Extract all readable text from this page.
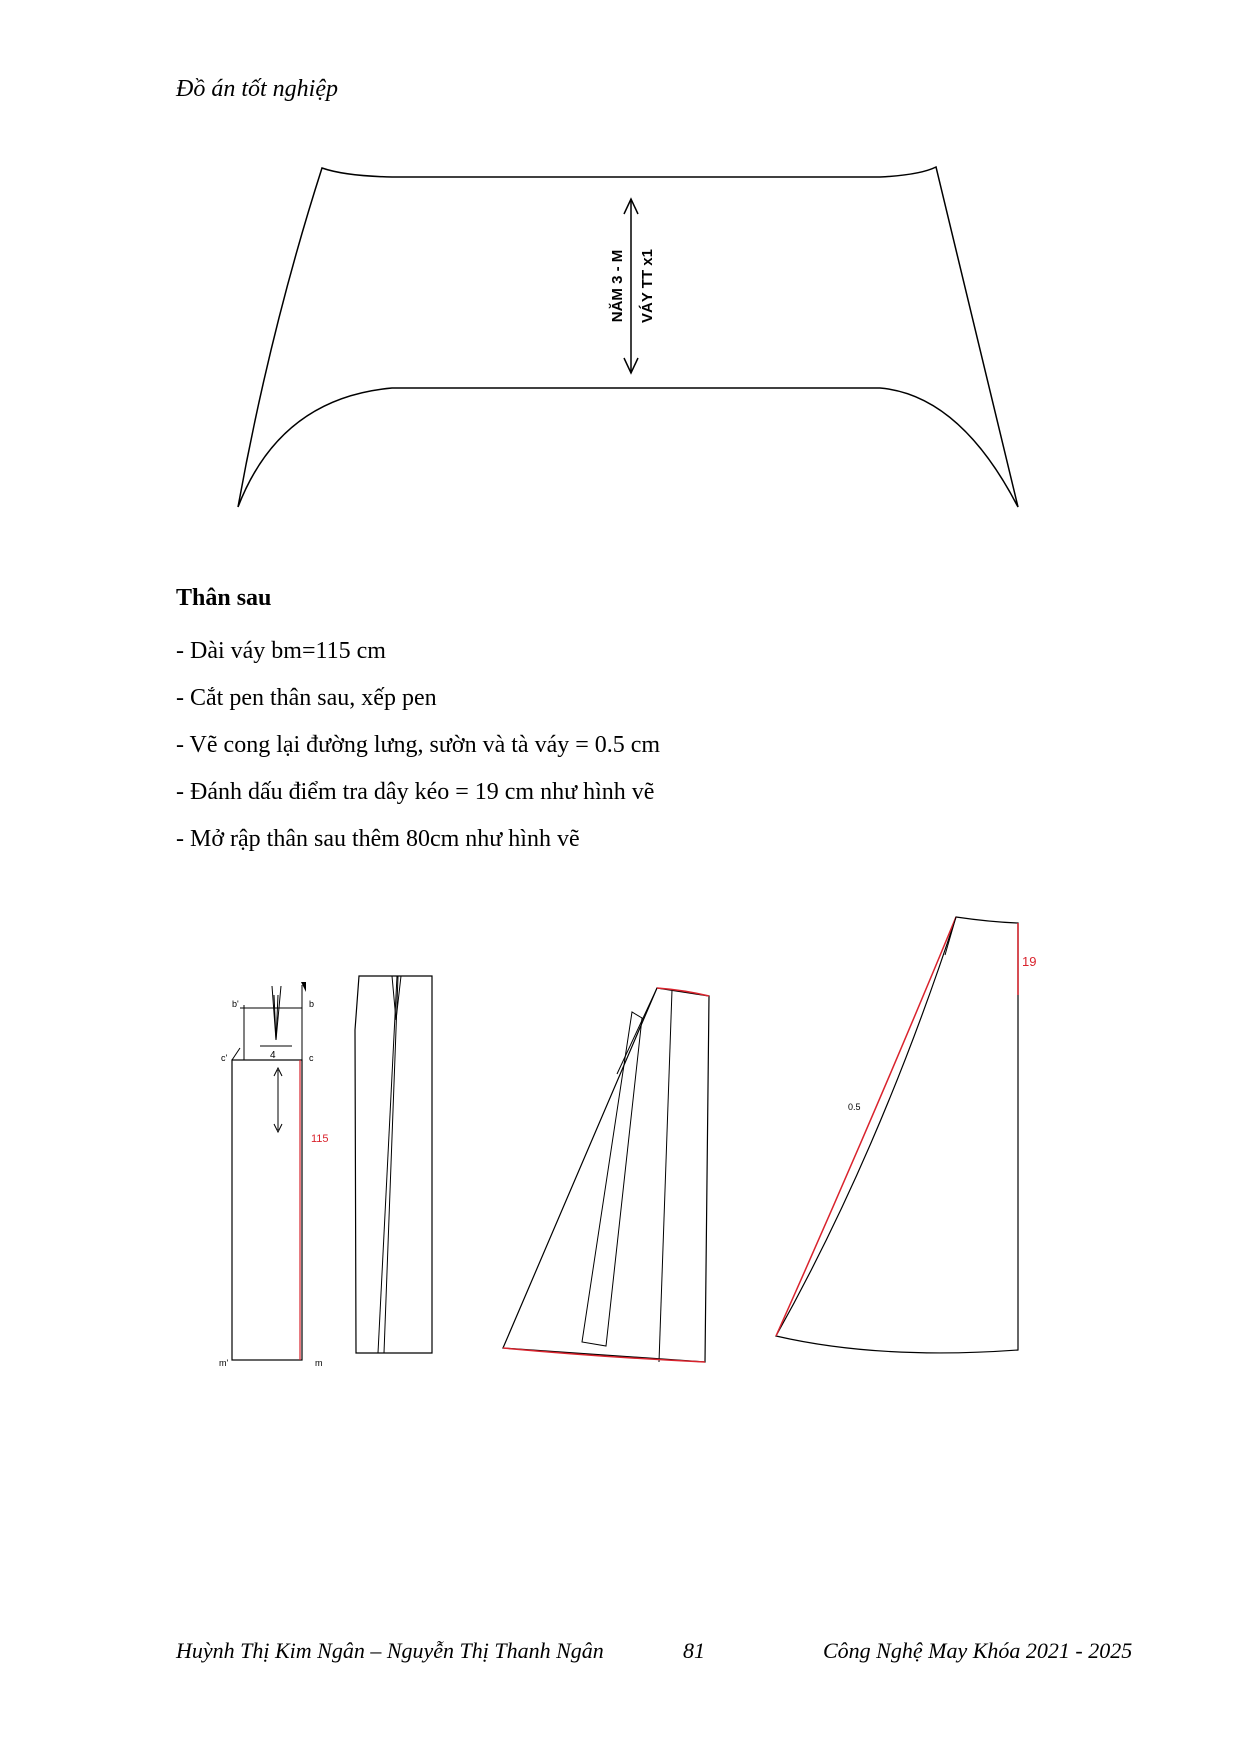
Đồ án tốt nghiệp
NĂM 3 - M VÁY TT x1
Thân sau
- Dài váy bm=115 cm
- Cắt pen thân sau, xếp pen
- Vẽ cong lại đường lưng, sườn và tà váy = 0.5 cm
- Đánh dấu điểm tra dây kéo = 19 cm như hình vẽ
- Mở rập thân sau thêm 80cm như hình vẽ
b'	b
c'	c
m'	m
4
115
19
0.5
Huỳnh Thị Kim Ngân – Nguyễn Thị Thanh Ngân	81	Công Nghệ May Khóa 2021 - 2025
